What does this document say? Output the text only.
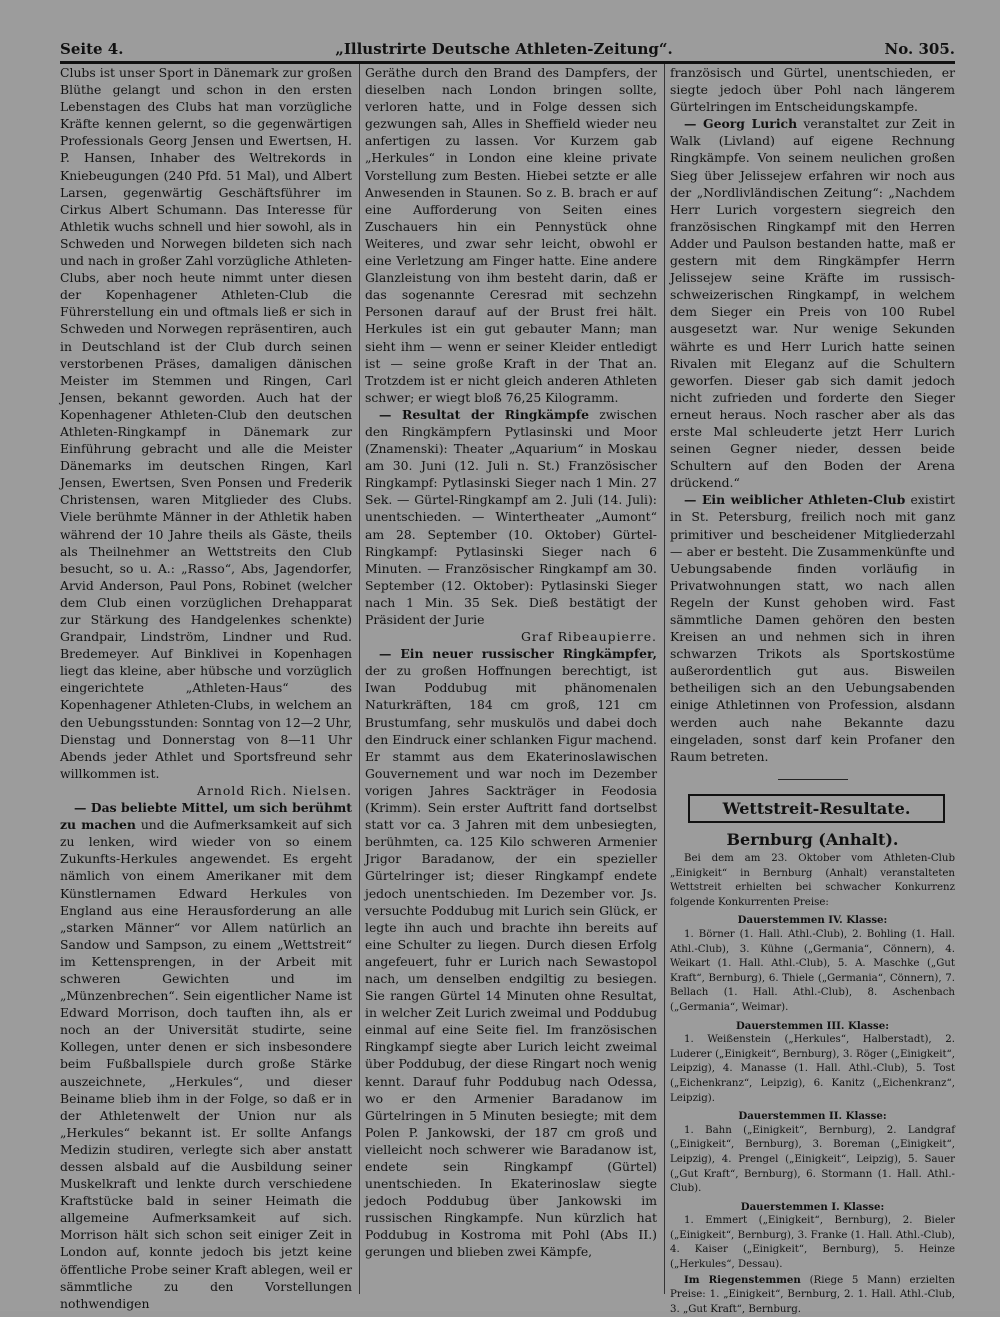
Seite 4.	„Illustrirte Deutsche Athleten-Zeitung“.	No. 305.

Clubs ist unser Sport in Dänemark zur großen Blüthe gelangt und schon in den ersten Lebenstagen des Clubs hat man vorzügliche Kräfte kennen gelernt, so die gegenwärtigen Professionals Georg Jensen und Ewertsen, H. P. Hansen, Inhaber des Weltrekords in Kniebeugungen (240 Pfd. 51 Mal), und Albert Larsen, gegenwärtig Geschäftsführer im Cirkus Albert Schumann. Das Interesse für Athletik wuchs schnell und hier sowohl, als in Schweden und Norwegen bildeten sich nach und nach in großer Zahl vorzügliche Athleten-Clubs, aber noch heute nimmt unter diesen der Kopenhagener Athleten-Club die Führerstellung ein und oftmals ließ er sich in Schweden und Norwegen repräsentiren, auch in Deutschland ist der Club durch seinen verstorbenen Präses, damaligen dänischen Meister im Stemmen und Ringen, Carl Jensen, bekannt geworden. Auch hat der Kopenhagener Athleten-Club den deutschen Athleten-Ringkampf in Dänemark zur Einführung gebracht und alle die Meister Dänemarks im deutschen Ringen, Karl Jensen, Ewertsen, Sven Ponsen und Frederik Christensen, waren Mitglieder des Clubs. Viele berühmte Männer in der Athletik haben während der 10 Jahre theils als Gäste, theils als Theilnehmer an Wettstreits den Club besucht, so u. A.: „Rasso“, Abs, Jagendorfer, Arvid Anderson, Paul Pons, Robinet (welcher dem Club einen vorzüglichen Drehapparat zur Stärkung des Handgelenkes schenkte) Grandpair, Lindström, Lindner und Rud. Bredemeyer. Auf Binklivei in Kopenhagen liegt das kleine, aber hübsche und vorzüglich eingerichtete „Athleten-Haus“ des Kopenhagener Athleten-Clubs, in welchem an den Uebungsstunden: Sonntag von 12—2 Uhr, Dienstag und Donnerstag von 8—11 Uhr Abends jeder Athlet und Sportsfreund sehr willkommen ist.

Arnold Rich. Nielsen.

— Das beliebte Mittel, um sich berühmt zu machen und die Aufmerksamkeit auf sich zu lenken, wird wieder von so einem Zukunfts-Herkules angewendet. Es ergeht nämlich von einem Amerikaner mit dem Künstlernamen Edward Herkules von England aus eine Herausforderung an alle „starken Männer“ vor Allem natürlich an Sandow und Sampson, zu einem „Wettstreit“ im Kettensprengen, in der Arbeit mit schweren Gewichten und im „Münzenbrechen“. Sein eigentlicher Name ist Edward Morrison, doch tauften ihn, als er noch an der Universität studirte, seine Kollegen, unter denen er sich insbesondere beim Fußballspiele durch große Stärke auszeichnete, „Herkules“, und dieser Beiname blieb ihm in der Folge, so daß er in der Athletenwelt der Union nur als „Herkules“ bekannt ist. Er sollte Anfangs Medizin studiren, verlegte sich aber anstatt dessen alsbald auf die Ausbildung seiner Muskelkraft und lenkte durch verschiedene Kraftstücke bald in seiner Heimath die allgemeine Aufmerksamkeit auf sich. Morrison hält sich schon seit einiger Zeit in London auf, konnte jedoch bis jetzt keine öffentliche Probe seiner Kraft ablegen, weil er sämmtliche zu den Vorstellungen nothwendigen

Geräthe durch den Brand des Dampfers, der dieselben nach London bringen sollte, verloren hatte, und in Folge dessen sich gezwungen sah, Alles in Sheffield wieder neu anfertigen zu lassen. Vor Kurzem gab „Herkules“ in London eine kleine private Vorstellung zum Besten. Hiebei setzte er alle Anwesenden in Staunen. So z. B. brach er auf eine Aufforderung von Seiten eines Zuschauers hin ein Pennystück ohne Weiteres, und zwar sehr leicht, obwohl er eine Verletzung am Finger hatte. Eine andere Glanzleistung von ihm besteht darin, daß er das sogenannte Ceresrad mit sechzehn Personen darauf auf der Brust frei hält. Herkules ist ein gut gebauter Mann; man sieht ihm — wenn er seiner Kleider entledigt ist — seine große Kraft in der That an. Trotzdem ist er nicht gleich anderen Athleten schwer; er wiegt bloß 76,25 Kilogramm.

— Resultat der Ringkämpfe zwischen den Ringkämpfern Pytlasinski und Moor (Znamenski): Theater „Aquarium“ in Moskau am 30. Juni (12. Juli n. St.) Französischer Ringkampf: Pytlasinski Sieger nach 1 Min. 27 Sek. — Gürtel-Ringkampf am 2. Juli (14. Juli): unentschieden. — Wintertheater „Aumont“ am 28. September (10. Oktober) Gürtel-Ringkampf: Pytlasinski Sieger nach 6 Minuten. — Französischer Ringkampf am 30. September (12. Oktober): Pytlasinski Sieger nach 1 Min. 35 Sek. Dieß bestätigt der Präsident der Jurie

Graf Ribeaupierre.

— Ein neuer russischer Ringkämpfer, der zu großen Hoffnungen berechtigt, ist Iwan Poddubug mit phänomenalen Naturkräften, 184 cm groß, 121 cm Brustumfang, sehr muskulös und dabei doch den Eindruck einer schlanken Figur machend. Er stammt aus dem Ekaterinoslawischen Gouvernement und war noch im Dezember vorigen Jahres Sackträger in Feodosia (Krimm). Sein erster Auftritt fand dortselbst statt vor ca. 3 Jahren mit dem unbesiegten, berühmten, ca. 125 Kilo schweren Armenier Jrigor Baradanow, der ein spezieller Gürtelringer ist; dieser Ringkampf endete jedoch unentschieden. Im Dezember vor. Js. versuchte Poddubug mit Lurich sein Glück, er legte ihn auch und brachte ihn bereits auf eine Schulter zu liegen. Durch diesen Erfolg angefeuert, fuhr er Lurich nach Sewastopol nach, um denselben endgiltig zu besiegen. Sie rangen Gürtel 14 Minuten ohne Resultat, in welcher Zeit Lurich zweimal und Poddubug einmal auf eine Seite fiel. Im französischen Ringkampf siegte aber Lurich leicht zweimal über Poddubug, der diese Ringart noch wenig kennt. Darauf fuhr Poddubug nach Odessa, wo er den Armenier Baradanow im Gürtelringen in 5 Minuten besiegte; mit dem Polen P. Jankowski, der 187 cm groß und vielleicht noch schwerer wie Baradanow ist, endete sein Ringkampf (Gürtel) unentschieden. In Ekaterinoslaw siegte jedoch Poddubug über Jankowski im russischen Ringkampfe. Nun kürzlich hat Poddubug in Kostroma mit Pohl (Abs II.) gerungen und blieben zwei Kämpfe,

französisch und Gürtel, unentschieden, er siegte jedoch über Pohl nach längerem Gürtelringen im Entscheidungskampfe.

— Georg Lurich veranstaltet zur Zeit in Walk (Livland) auf eigene Rechnung Ringkämpfe. Von seinem neulichen großen Sieg über Jelissejew erfahren wir noch aus der „Nordlivländischen Zeitung“: „Nachdem Herr Lurich vorgestern siegreich den französischen Ringkampf mit den Herren Adder und Paulson bestanden hatte, maß er gestern mit dem Ringkämpfer Herrn Jelissejew seine Kräfte im russisch-schweizerischen Ringkampf, in welchem dem Sieger ein Preis von 100 Rubel ausgesetzt war. Nur wenige Sekunden währte es und Herr Lurich hatte seinen Rivalen mit Eleganz auf die Schultern geworfen. Dieser gab sich damit jedoch nicht zufrieden und forderte den Sieger erneut heraus. Noch rascher aber als das erste Mal schleuderte jetzt Herr Lurich seinen Gegner nieder, dessen beide Schultern auf den Boden der Arena drückend.“

— Ein weiblicher Athleten-Club existirt in St. Petersburg, freilich noch mit ganz primitiver und bescheidener Mitgliederzahl — aber er besteht. Die Zusammenkünfte und Uebungsabende finden vorläufig in Privatwohnungen statt, wo nach allen Regeln der Kunst gehoben wird. Fast sämmtliche Damen gehören den besten Kreisen an und nehmen sich in ihren schwarzen Trikots als Sportskostüme außerordentlich gut aus. Bisweilen betheiligen sich an den Uebungsabenden einige Athletinnen von Profession, alsdann werden auch nahe Bekannte dazu eingeladen, sonst darf kein Profaner den Raum betreten.

Wettstreit-Resultate.
Bernburg (Anhalt).

Bei dem am 23. Oktober vom Athleten-Club „Einigkeit“ in Bernburg (Anhalt) veranstalteten Wettstreit erhielten bei schwacher Konkurrenz folgende Konkurrenten Preise:

Dauerstemmen IV. Klasse:

1. Börner (1. Hall. Athl.-Club), 2. Bohling (1. Hall. Athl.-Club), 3. Kühne („Germania“, Cönnern), 4. Weikart (1. Hall. Athl.-Club), 5. A. Maschke („Gut Kraft“, Bernburg), 6. Thiele („Germania“, Cönnern), 7. Bellach (1. Hall. Athl.-Club), 8. Aschenbach („Germania“, Weimar).

Dauerstemmen III. Klasse:

1. Weißenstein („Herkules“, Halberstadt), 2. Luderer („Einigkeit“, Bernburg), 3. Röger („Einigkeit“, Leipzig), 4. Manasse (1. Hall. Athl.-Club), 5. Tost („Eichenkranz“, Leipzig), 6. Kanitz („Eichenkranz“, Leipzig).

Dauerstemmen II. Klasse:

1. Bahn („Einigkeit“, Bernburg), 2. Landgraf („Einigkeit“, Bernburg), 3. Boreman („Einigkeit“, Leipzig), 4. Prengel („Einigkeit“, Leipzig), 5. Sauer („Gut Kraft“, Bernburg), 6. Stormann (1. Hall. Athl.-Club).

Dauerstemmen I. Klasse:

1. Emmert („Einigkeit“, Bernburg), 2. Bieler („Einigkeit“, Bernburg), 3. Franke (1. Hall. Athl.-Club), 4. Kaiser („Einigkeit“, Bernburg), 5. Heinze („Herkules“, Dessau).

Im Riegenstemmen (Riege 5 Mann) erzielten Preise: 1. „Einigkeit“, Bernburg, 2. 1. Hall. Athl.-Club, 3. „Gut Kraft“, Bernburg.
